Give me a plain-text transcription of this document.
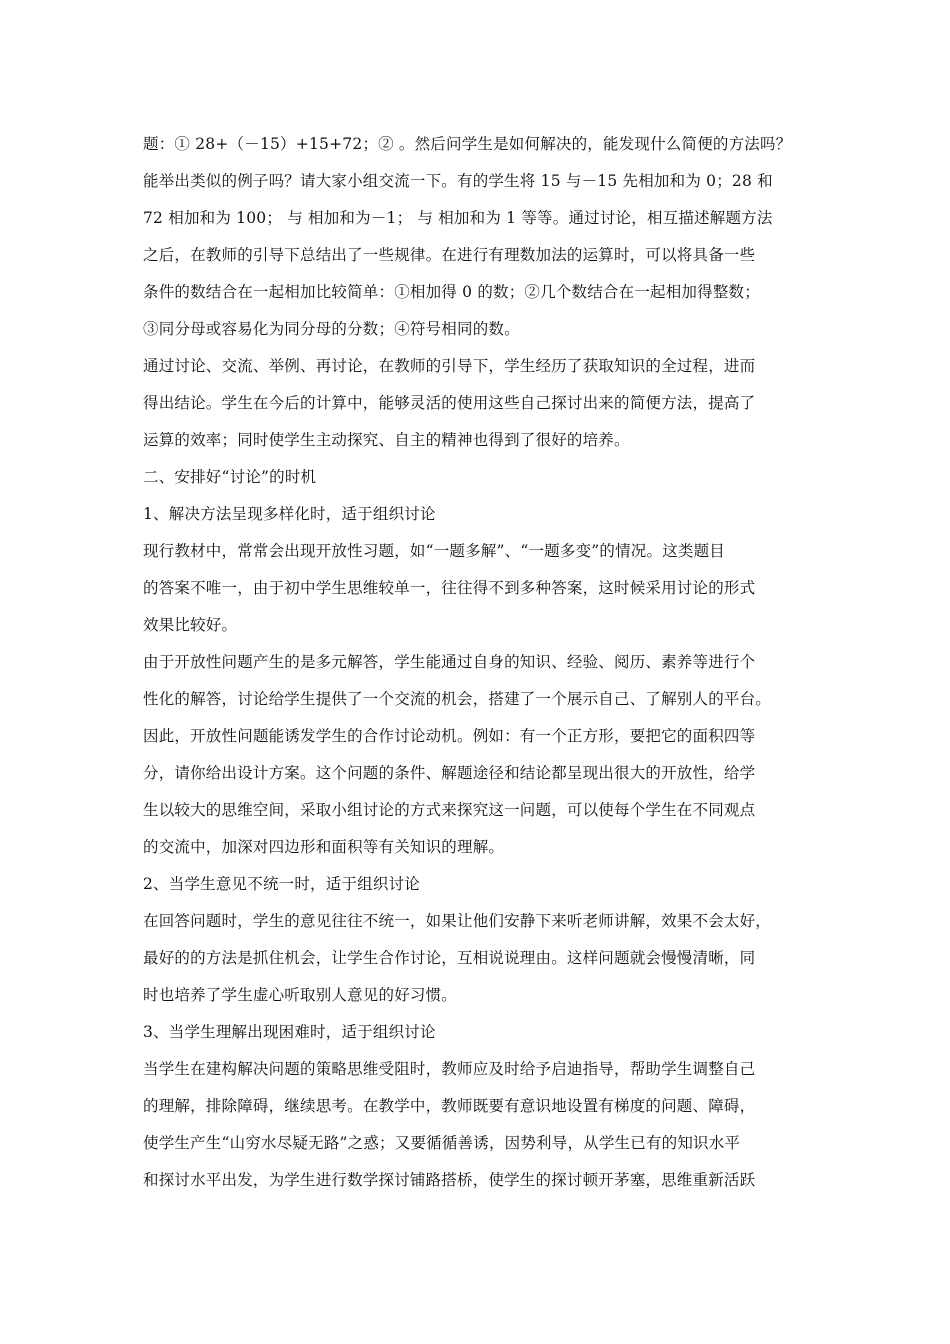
题：① 28+（－15）+15+72；② 。然后问学生是如何解决的，能发现什么简便的方法吗？
能举出类似的例子吗？请大家小组交流一下。有的学生将 15 与－15 先相加和为 0；28 和
72 相加和为 100； 与 相加和为－1； 与 相加和为 1 等等。通过讨论，相互描述解题方法
之后，在教师的引导下总结出了一些规律。在进行有理数加法的运算时，可以将具备一些
条件的数结合在一起相加比较简单：①相加得 0 的数；②几个数结合在一起相加得整数；
③同分母或容易化为同分母的分数；④符号相同的数。
通过讨论、交流、举例、再讨论，在教师的引导下，学生经历了获取知识的全过程，进而
得出结论。学生在今后的计算中，能够灵活的使用这些自己探讨出来的简便方法，提高了
运算的效率；同时使学生主动探究、自主的精神也得到了很好的培养。
二、安排好“讨论”的时机
1、解决方法呈现多样化时，适于组织讨论
现行教材中，常常会出现开放性习题，如“一题多解”、“一题多变”的情况。这类题目
的答案不唯一，由于初中学生思维较单一，往往得不到多种答案，这时候采用讨论的形式
效果比较好。
由于开放性问题产生的是多元解答，学生能通过自身的知识、经验、阅历、素养等进行个
性化的解答，讨论给学生提供了一个交流的机会，搭建了一个展示自己、了解别人的平台。
因此，开放性问题能诱发学生的合作讨论动机。例如：有一个正方形，要把它的面积四等
分，请你给出设计方案。这个问题的条件、解题途径和结论都呈现出很大的开放性，给学
生以较大的思维空间，采取小组讨论的方式来探究这一问题，可以使每个学生在不同观点
的交流中，加深对四边形和面积等有关知识的理解。
2、当学生意见不统一时，适于组织讨论
在回答问题时，学生的意见往往不统一，如果让他们安静下来听老师讲解，效果不会太好，
最好的的方法是抓住机会，让学生合作讨论，互相说说理由。这样问题就会慢慢清晰，同
时也培养了学生虚心听取别人意见的好习惯。
3、当学生理解出现困难时，适于组织讨论
当学生在建构解决问题的策略思维受阻时，教师应及时给予启迪指导，帮助学生调整自己
的理解，排除障碍，继续思考。在教学中，教师既要有意识地设置有梯度的问题、障碍，
使学生产生“山穷水尽疑无路”之惑；又要循循善诱，因势利导，从学生已有的知识水平
和探讨水平出发，为学生进行数学探讨铺路搭桥，使学生的探讨顿开茅塞，思维重新活跃
